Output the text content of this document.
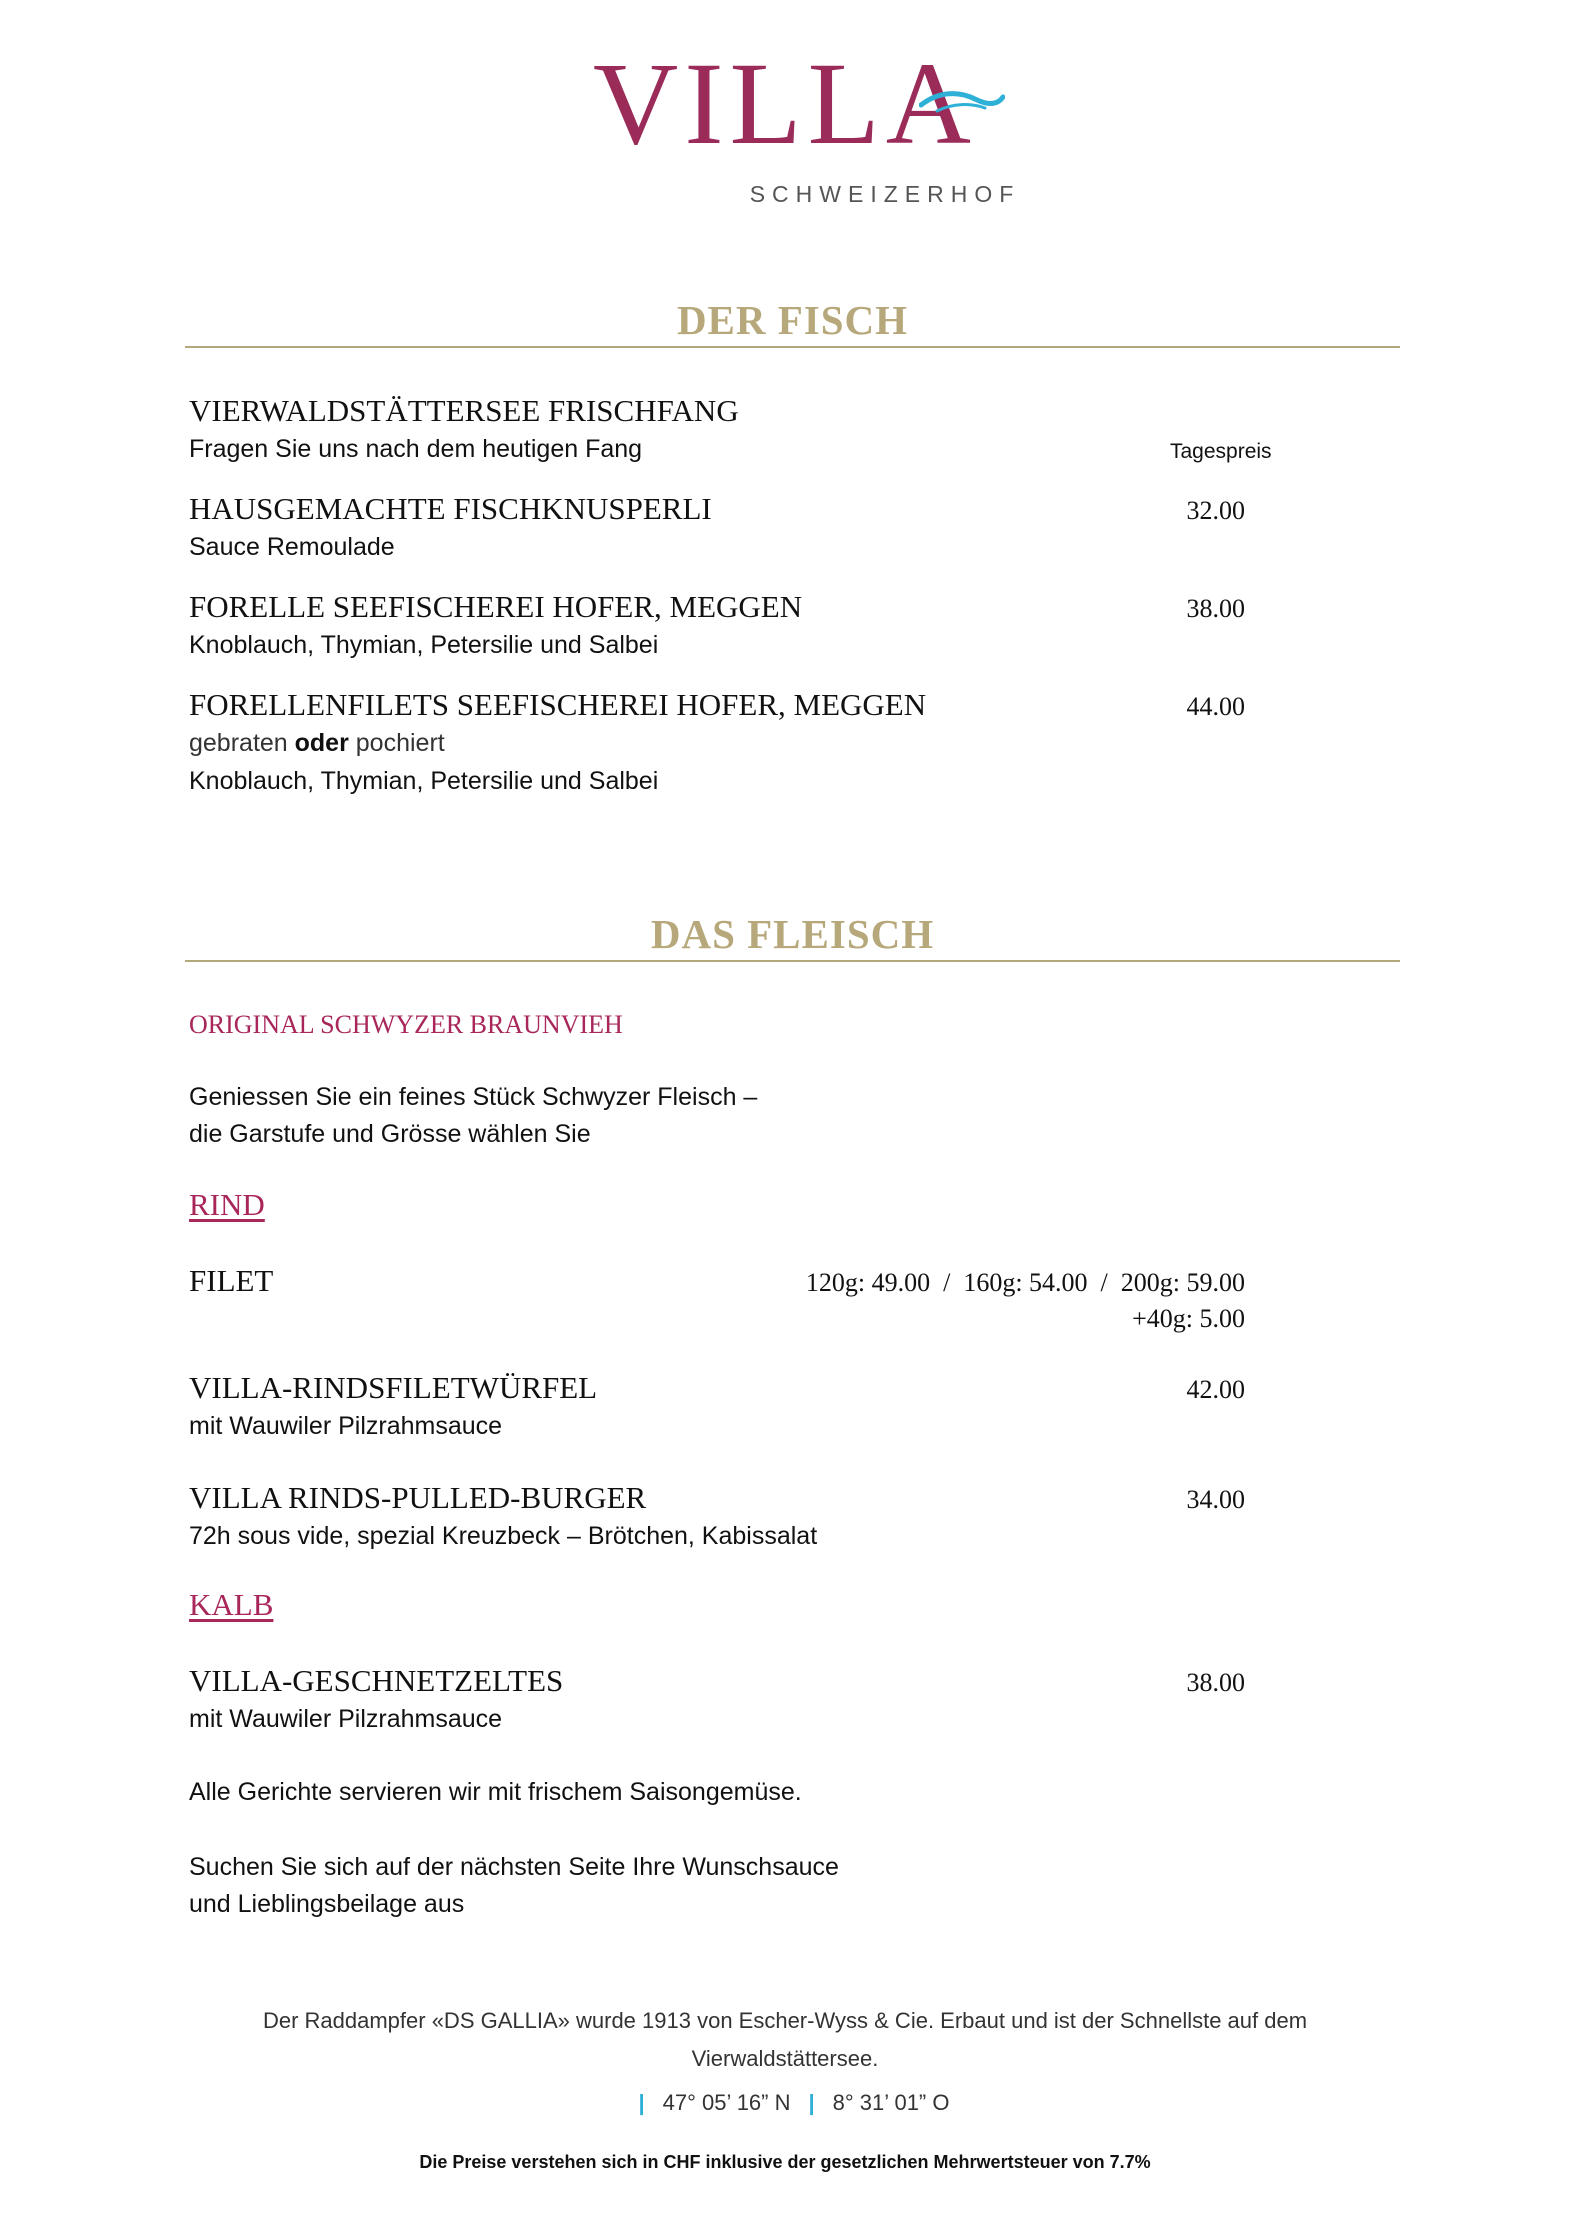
VILLA
SCHWEIZERHOF
DER FISCH
VIERWALDSTÄTTERSEE FRISCHFANG
Fragen Sie uns nach dem heutigen Fang	Tagespreis
HAUSGEMACHTE FISCHKNUSPERLI
Sauce Remoulade
32.00
FORELLE SEEFISCHEREI HOFER, MEGGEN
Knoblauch, Thymian, Petersilie und Salbei
38.00
FORELLENFILETS SEEFISCHEREI HOFER, MEGGEN
gebraten oder pochiert
Knoblauch, Thymian, Petersilie und Salbei
44.00
DAS FLEISCH
ORIGINAL SCHWYZER BRAUNVIEH
Geniessen Sie ein feines Stück Schwyzer Fleisch –
die Garstufe und Grösse wählen Sie
RIND
FILET	120g: 49.00  /  160g: 54.00  /  200g: 59.00
+40g: 5.00
VILLA-RINDSFILETWÜRFEL
mit Wauwiler Pilzrahmsauce
42.00
VILLA RINDS-PULLED-BURGER
72h sous vide, spezial Kreuzbeck – Brötchen, Kabissalat
34.00
KALB
VILLA-GESCHNETZELTES
mit Wauwiler Pilzrahmsauce
38.00
Alle Gerichte servieren wir mit frischem Saisongemüse.
Suchen Sie sich auf der nächsten Seite Ihre Wunschsauce
und Lieblingsbeilage aus
Der Raddampfer «DS GALLIA» wurde 1913 von Escher-Wyss & Cie. Erbaut und ist der Schnellste auf dem
Vierwaldstättersee.
| 47° 05’ 16” N | 8° 31’ 01” O
Die Preise verstehen sich in CHF inklusive der gesetzlichen Mehrwertsteuer von 7.7%
